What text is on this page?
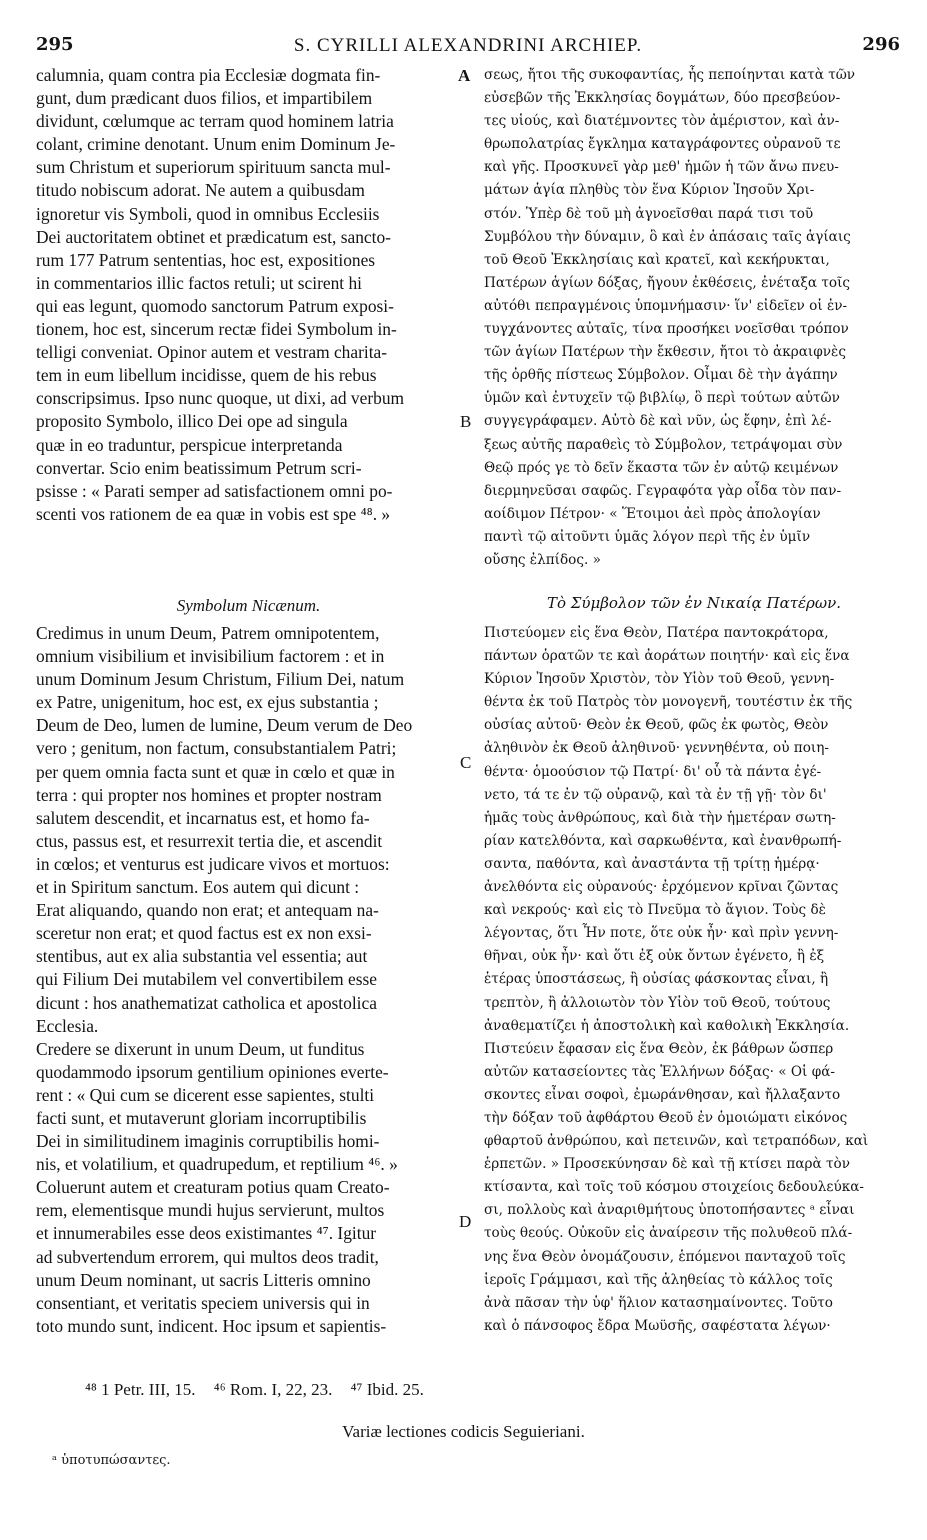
295	S. CYRILLI ALEXANDRINI ARCHIEP.	296

calumnia, quam contra pia Ecclesiæ dogmata fin-
gunt, dum prædicant duos filios, et impartibilem
dividunt, cœlumque ac terram quod hominem latria
colant, crimine denotant. Unum enim Dominum Je-
sum Christum et superiorum spirituum sancta mul-
titudo nobiscum adorat. Ne autem a quibusdam
ignoretur vis Symboli, quod in omnibus Ecclesiis
Dei auctoritatem obtinet et prædicatum est, sancto-
rum 177 Patrum sententias, hoc est, expositiones
in commentarios illic factos retuli; ut scirent hi
qui eas legunt, quomodo sanctorum Patrum exposi-
tionem, hoc est, sincerum rectæ fidei Symbolum in-
telligi conveniat. Opinor autem et vestram charita-
tem in eum libellum incidisse, quem de his rebus
conscripsimus. Ipso nunc quoque, ut dixi, ad verbum
proposito Symbolo, illico Dei ope ad singula
quæ in eo traduntur, perspicue interpretanda
convertar. Scio enim beatissimum Petrum scri-
psisse : « Parati semper ad satisfactionem omni po-
scenti vos rationem de ea quæ in vobis est spe ⁴⁸. »

σεως, ἤτοι τῆς συκοφαντίας, ἧς πεποίηνται κατὰ τῶν
εὐσεβῶν τῆς Ἐκκλησίας δογμάτων, δύο πρεσβεύον-
τες υἱούς, καὶ διατέμνοντες τὸν ἀμέριστον, καὶ ἀν-
θρωπολατρίας ἔγκλημα καταγράφοντες οὐρανοῦ τε
καὶ γῆς. Προσκυνεῖ γὰρ μεθ' ἡμῶν ἡ τῶν ἄνω πνευ-
μάτων ἁγία πληθὺς τὸν ἕνα Κύριον Ἰησοῦν Χρι-
στόν. Ὑπὲρ δὲ τοῦ μὴ ἀγνοεῖσθαι παρά τισι τοῦ
Συμβόλου τὴν δύναμιν, ὃ καὶ ἐν ἁπάσαις ταῖς ἁγίαις
τοῦ Θεοῦ Ἐκκλησίαις καὶ κρατεῖ, καὶ κεκήρυκται,
Πατέρων ἁγίων δόξας, ἤγουν ἐκθέσεις, ἐνέταξα τοῖς
αὐτόθι πεπραγμένοις ὑπομνήμασιν· ἵν' εἰδεῖεν οἱ ἐν-
τυγχάνοντες αὐταῖς, τίνα προσήκει νοεῖσθαι τρόπον
τῶν ἁγίων Πατέρων τὴν ἔκθεσιν, ἤτοι τὸ ἀκραιφνὲς
τῆς ὀρθῆς πίστεως Σύμβολον. Οἶμαι δὲ τὴν ἀγάπην
ὑμῶν καὶ ἐντυχεῖν τῷ βιβλίῳ, ὃ περὶ τούτων αὐτῶν
συγγεγράφαμεν. Αὐτὸ δὲ καὶ νῦν, ὡς ἔφην, ἐπὶ λέ-
ξεως αὐτῆς παραθεὶς τὸ Σύμβολον, τετράψομαι σὺν
Θεῷ πρός γε τὸ δεῖν ἕκαστα τῶν ἐν αὐτῷ κειμένων
διερμηνεῦσαι σαφῶς. Γεγραφότα γὰρ οἶδα τὸν παν-
αοίδιμον Πέτρον· « Ἕτοιμοι ἀεὶ πρὸς ἀπολογίαν
παντὶ τῷ αἰτοῦντι ὑμᾶς λόγον περὶ τῆς ἐν ὑμῖν
οὔσης ἐλπίδος. »

A
B
C
D
Symbolum Nicænum.	Τὸ Σύμβολον τῶν ἐν Νικαίᾳ Πατέρων.

Credimus in unum Deum, Patrem omnipotentem,
omnium visibilium et invisibilium factorem : et in
unum Dominum Jesum Christum, Filium Dei, natum
ex Patre, unigenitum, hoc est, ex ejus substantia ;
Deum de Deo, lumen de lumine, Deum verum de Deo
vero ; genitum, non factum, consubstantialem Patri;
per quem omnia facta sunt et quæ in cœlo et quæ in
terra : qui propter nos homines et propter nostram
salutem descendit, et incarnatus est, et homo fa-
ctus, passus est, et resurrexit tertia die, et ascendit
in cœlos; et venturus est judicare vivos et mortuos:
et in Spiritum sanctum. Eos autem qui dicunt :
Erat aliquando, quando non erat; et antequam na-
sceretur non erat; et quod factus est ex non exsi-
stentibus, aut ex alia substantia vel essentia; aut
qui Filium Dei mutabilem vel convertibilem esse
dicunt : hos anathematizat catholica et apostolica
Ecclesia.
Credere se dixerunt in unum Deum, ut funditus
quodammodo ipsorum gentilium opiniones everte-
rent : « Qui cum se dicerent esse sapientes, stulti
facti sunt, et mutaverunt gloriam incorruptibilis
Dei in similitudinem imaginis corruptibilis homi-
nis, et volatilium, et quadrupedum, et reptilium ⁴⁶. »
Coluerunt autem et creaturam potius quam Creato-
rem, elementisque mundi hujus servierunt, multos
et innumerabiles esse deos existimantes ⁴⁷. Igitur
ad subvertendum errorem, qui multos deos tradit,
unum Deum nominant, ut sacris Litteris omnino
consentiant, et veritatis speciem universis qui in
toto mundo sunt, indicent. Hoc ipsum et sapientis-

Πιστεύομεν εἰς ἕνα Θεὸν, Πατέρα παντοκράτορα,
πάντων ὁρατῶν τε καὶ ἀοράτων ποιητήν· καὶ εἰς ἕνα
Κύριον Ἰησοῦν Χριστὸν, τὸν Υἱὸν τοῦ Θεοῦ, γεννη-
θέντα ἐκ τοῦ Πατρὸς τὸν μονογενῆ, τουτέστιν ἐκ τῆς
οὐσίας αὐτοῦ· Θεὸν ἐκ Θεοῦ, φῶς ἐκ φωτὸς, Θεὸν
ἀληθινὸν ἐκ Θεοῦ ἀληθινοῦ· γεννηθέντα, οὐ ποιη-
θέντα· ὁμοούσιον τῷ Πατρί· δι' οὗ τὰ πάντα ἐγέ-
νετο, τά τε ἐν τῷ οὐρανῷ, καὶ τὰ ἐν τῇ γῇ· τὸν δι'
ἡμᾶς τοὺς ἀνθρώπους, καὶ διὰ τὴν ἡμετέραν σωτη-
ρίαν κατελθόντα, καὶ σαρκωθέντα, καὶ ἐνανθρωπή-
σαντα, παθόντα, καὶ ἀναστάντα τῇ τρίτῃ ἡμέρᾳ·
ἀνελθόντα εἰς οὐρανούς· ἐρχόμενον κρῖναι ζῶντας
καὶ νεκρούς· καὶ εἰς τὸ Πνεῦμα τὸ ἅγιον. Τοὺς δὲ
λέγοντας, ὅτι Ἦν ποτε, ὅτε οὐκ ἦν· καὶ πρὶν γεννη-
θῆναι, οὐκ ἦν· καὶ ὅτι ἐξ οὐκ ὄντων ἐγένετο, ἢ ἐξ
ἑτέρας ὑποστάσεως, ἢ οὐσίας φάσκοντας εἶναι, ἢ
τρεπτὸν, ἢ ἀλλοιωτὸν τὸν Υἱὸν τοῦ Θεοῦ, τούτους
ἀναθεματίζει ἡ ἀποστολικὴ καὶ καθολικὴ Ἐκκλησία.
Πιστεύειν ἔφασαν εἰς ἕνα Θεὸν, ἐκ βάθρων ὥσπερ
αὐτῶν κατασείοντες τὰς Ἑλλήνων δόξας· « Οἱ φά-
σκοντες εἶναι σοφοὶ, ἐμωράνθησαν, καὶ ἤλλαξαντο
τὴν δόξαν τοῦ ἀφθάρτου Θεοῦ ἐν ὁμοιώματι εἰκόνος
φθαρτοῦ ἀνθρώπου, καὶ πετεινῶν, καὶ τετραπόδων, καὶ
ἑρπετῶν. » Προσεκύνησαν δὲ καὶ τῇ κτίσει παρὰ τὸν
κτίσαντα, καὶ τοῖς τοῦ κόσμου στοιχείοις δεδουλεύκα-
σι, πολλοὺς καὶ ἀναριθμήτους ὑποτοπήσαντες ᵃ εἶναι
τοὺς θεούς. Οὐκοῦν εἰς ἀναίρεσιν τῆς πολυθεοῦ πλά-
νης ἕνα Θεὸν ὀνομάζουσιν, ἑπόμενοι πανταχοῦ τοῖς
ἱεροῖς Γράμμασι, καὶ τῆς ἀληθείας τὸ κάλλος τοῖς
ἀνὰ πᾶσαν τὴν ὑφ' ἥλιον κατασημαίνοντες. Τοῦτο
καὶ ὁ πάνσοφος ἔδρα Μωϋσῆς, σαφέστατα λέγων·

⁴⁸ 1 Petr. III, 15. ⁴⁶ Rom. I, 22, 23. ⁴⁷ Ibid. 25.
Variæ lectiones codicis Seguieriani.
ᵃ ὑποτυπώσαντες.
